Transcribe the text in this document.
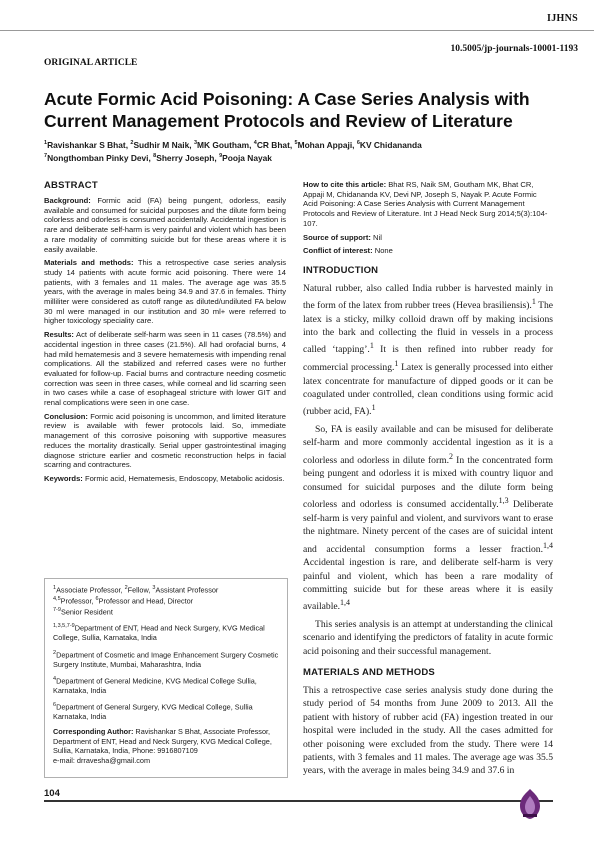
IJHNS
10.5005/jp-journals-10001-1193
ORIGINAL ARTICLE
Acute Formic Acid Poisoning: A Case Series Analysis with Current Management Protocols and Review of Literature
$^1$Ravishankar S Bhat, $^2$Sudhir M Naik, $^3$MK Goutham, $^4$CR Bhat, $^5$Mohan Appaji, $^6$KV Chidananda
$^7$Nongthomban Pinky Devi, $^8$Sherry Joseph, $^9$Pooja Nayak
ABSTRACT

Background: Formic acid (FA) being pungent, odorless, easily available and consumed for suicidal purposes and the dilute form being colorless and odorless is consumed accidentally. Accidental ingestion is rare and deliberate self-harm is very painful and violent which has been a rare modality of committing suicide but for these areas where it is easily available.

Materials and methods: This a retrospective case series analysis study 14 patients with acute formic acid poisoning. There were 14 patients, with 3 females and 11 males. The average age was 35.5 years, with the average in males being 34.9 and 37.6 in females. Thirty milliliter were considered as cutoff range as diluted/undiluted FA below 30 ml were managed in our institution and 30 ml+ were referred to higher toxicology speciality care.

Results: Act of deliberate self-harm was seen in 11 cases (78.5%) and accidental ingestion in three cases (21.5%). All had orofacial burns, 4 had mild hematemesis and 3 severe hematemesis with impending renal complications. All the stabilized and referred cases were no further evaluated for follow-up. Facial burns and contracture needing cosmetic correction was seen in three cases, while corneal and lid scarring seen in two cases while a case of esophageal stricture with lower GIT and renal complications were seen in one case.

Conclusion: Formic acid poisoning is uncommon, and limited literature review is available with fewer protocols laid. So, immediate management of this corrosive poisoning with supportive measures reduces the mortality drastically. Serial upper gastrointestinal imaging diagnose stricture earlier and cosmetic reconstruction helps in facial scarring and contractures.

Keywords: Formic acid, Hematemesis, Endoscopy, Metabolic acidosis.

$^1$Associate Professor, $^2$Fellow, $^3$Assistant Professor
$^{4,5}$Professor, $^6$Professor and Head, Director
$^{7-9}$Senior Resident

$^{1,3,5,7-9}$Department of ENT, Head and Neck Surgery, KVG Medical College, Sullia, Karnataka, India

$^2$Department of Cosmetic and Image Enhancement Surgery Cosmetic Surgery Institute, Mumbai, Maharashtra, India

$^4$Department of General Medicine, KVG Medical College Sullia, Karnataka, India

$^6$Department of General Surgery, KVG Medical College, Sullia Karnataka, India

Corresponding Author: Ravishankar S Bhat, Associate Professor, Department of ENT, Head and Neck Surgery, KVG Medical College, Sullia, Karnataka, India, Phone: 9916807109
e-mail: drravesha@gmail.com

How to cite this article: Bhat RS, Naik SM, Goutham MK, Bhat CR, Appaji M, Chidananda KV, Devi NP, Joseph S, Nayak P. Acute Formic Acid Poisoning: A Case Series Analysis with Current Management Protocols and Review of Literature. Int J Head Neck Surg 2014;5(3):104-107.

Source of support: Nil

Conflict of interest: None

INTRODUCTION

Natural rubber, also called India rubber is harvested mainly in the form of the latex from rubber trees (Hevea brasiliensis).$^1$ The latex is a sticky, milky colloid drawn off by making incisions into the bark and collecting the fluid in vessels in a process called ‘tapping’.$^1$ It is then refined into rubber ready for commercial processing.$^1$ Latex is generally processed into either latex concentrate for manufacture of dipped goods or it can be coagulated under controlled, clean conditions using formic acid (rubber acid, FA).$^1$

So, FA is easily available and can be misused for deliberate self-harm and more commonly accidental ingestion as it is a colorless and odorless in dilute form.$^2$ In the concentrated form being pungent and odorless it is mixed with country liquor and consumed for suicidal purposes and the dilute form being colorless and odorless is consumed accidentally.$^{1,3}$ Deliberate self-harm is very painful and violent, and survivors want to erase the nightmare. Ninety percent of the cases are of suicidal intent and accidental consumption forms a lesser fraction.$^{1,4}$ Accidental ingestion is rare, and deliberate self-harm is very painful and violent, which has been a rare modality of committing suicide but for these areas where it is easily available.$^{1,4}$

This series analysis is an attempt at understanding the clinical scenario and identifying the predictors of fatality in acute formic acid poisoning and their successful management.

MATERIALS AND METHODS

This a retrospective case series analysis study done during the study period of 54 months from June 2009 to 2013. All the patient with history of rubber acid (FA) ingestion treated in our hospital were included in the study. All the cases admitted for other poisoning were excluded from the study. There were 14 patients, with 3 females and 11 males. The average age was 35.5 years, with the average in males being 34.9 and 37.6 in

104
